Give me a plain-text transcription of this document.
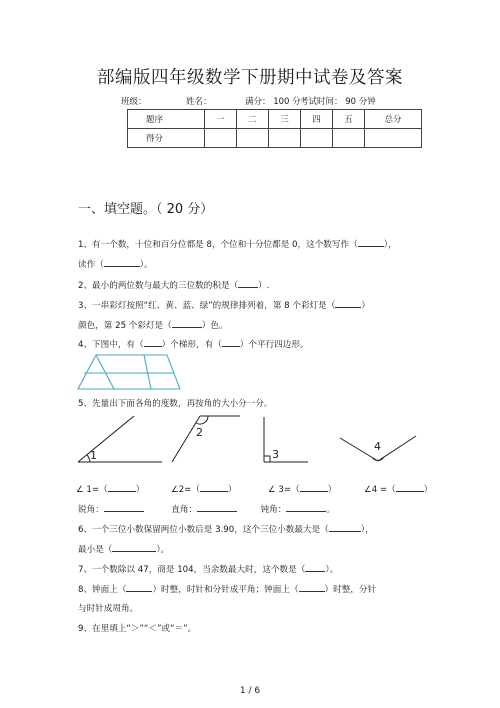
部编版四年级数学下册期中试卷及答案
班级：	姓名：	满分： 100 分 考试时间： 90 分钟
题序	一	二	三	四	五	总分
得分						
一、填空题。（ 20 分）
1、有一个数，十位和百分位都是 8，个位和十分位都是 0，这个数写作（	），
读作（	）。
2、最小的两位数与最大的三位数的积是（ ）.
3、一串彩灯按照“红、黄、蓝、绿”的规律排列着，第 8 个彩灯是（	）
颜色，第 25 个彩灯是（	）色。
4、下图中，有（ ）个梯形，有（ ）个平行四边形。
5、先量出下面各角的度数，再按角的大小分一分。
1
2
3
4
∠ 1=（	）	∠2=（	）	∠ 3=（	）	∠4 =（	）
锐角：	直角：	钝角：	。
6、一个三位小数保留两位小数后是 3.90，这个三位小数最大是（	），
最小是（	）。
7、一个数除以 47，商是 104，当余数最大时，这个数是（ ）。
8、钟面上（	）时整，时针和分针成平角；钟面上（	）时整，分针
与时针成周角。
9、在里填上“＞”“＜”或“＝”。
1 / 6
